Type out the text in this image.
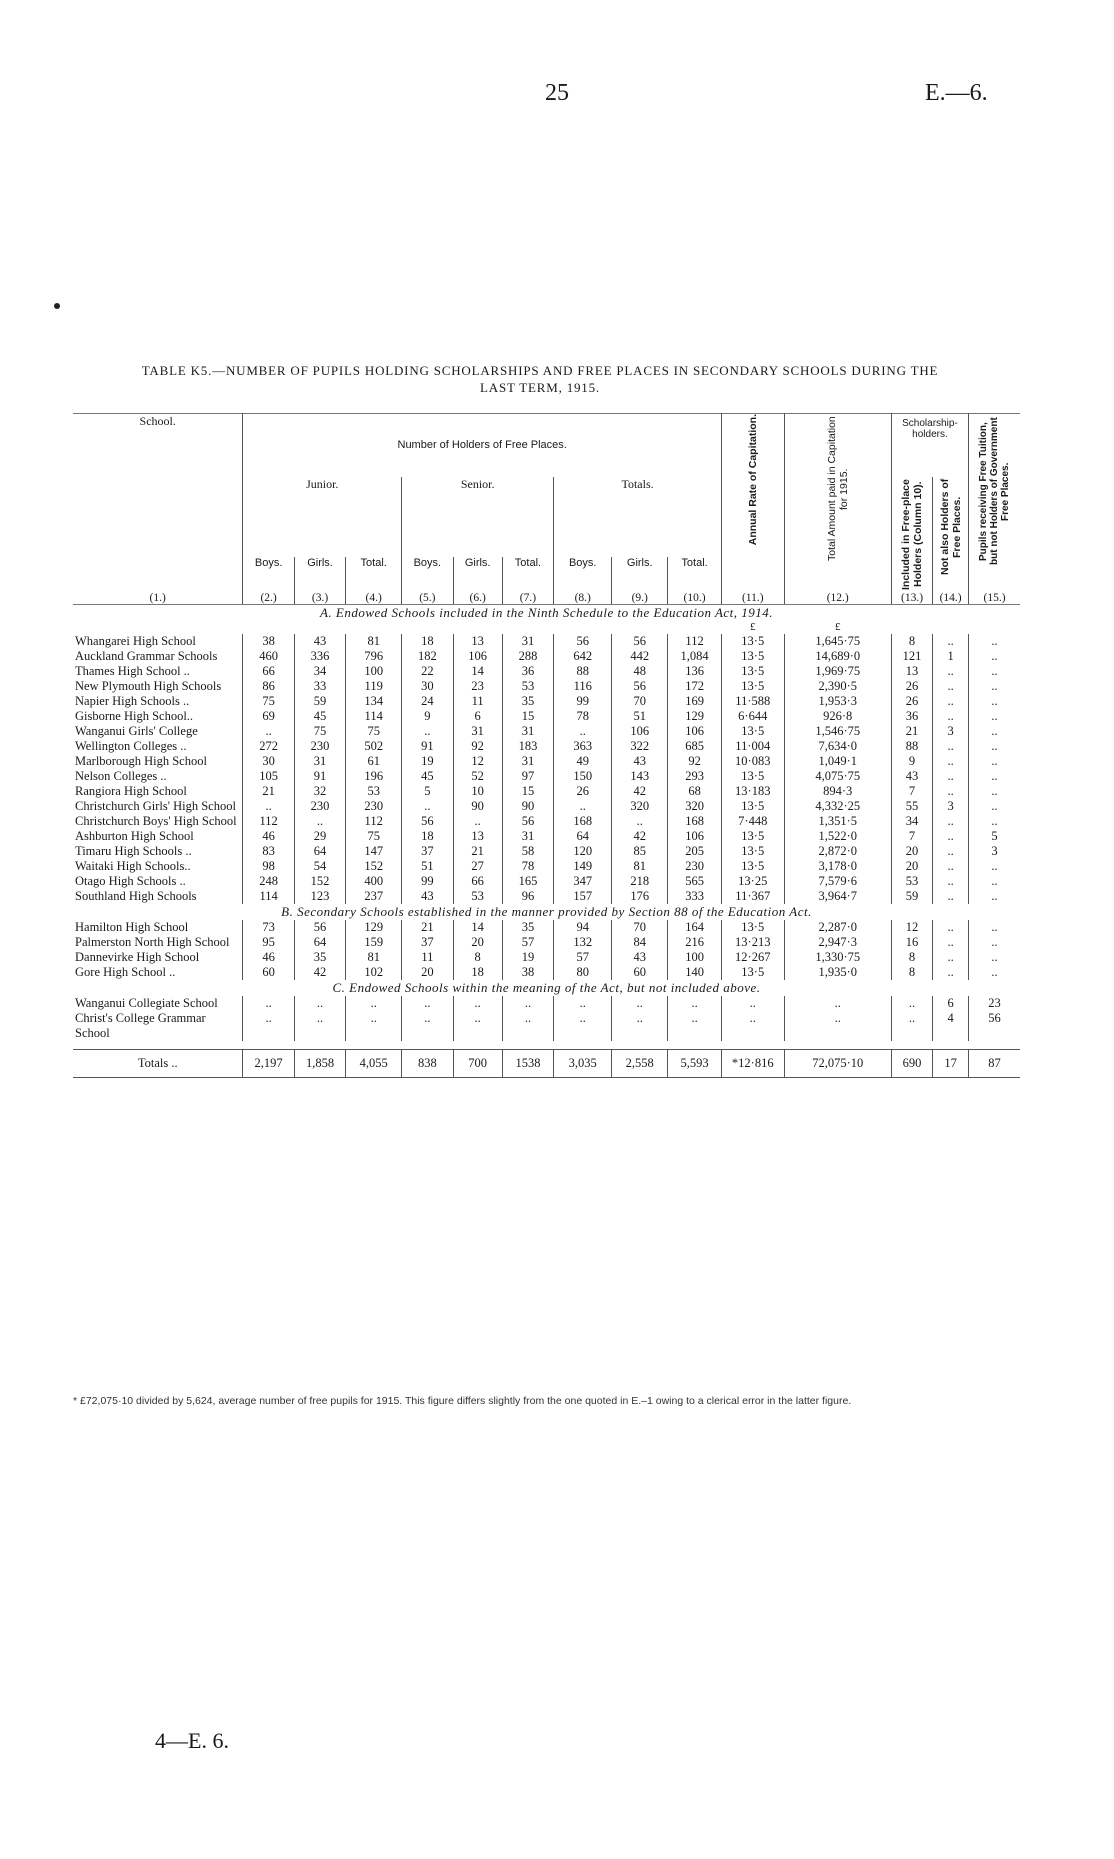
25	E.—6.
TABLE K5.—NUMBER OF PUPILS HOLDING SCHOLARSHIPS AND FREE PLACES IN SECONDARY SCHOOLS DURING THE
LAST TERM, 1915.
School.	Number of Holders of Free Places.									Annual Rate of Capitation.	Total Amount paid in Capitation for 1915.	Scholarship-holders.		Pupils receiving Free Tuition, but not Holders of Government Free Places.

	Junior.			Senior.			Totals.					Included in Free-place Holders (Column 10).	Not also Holders of Free Places.	

	Boys.	Girls.	Total.	Boys.	Girls.	Total.	Boys.	Girls.	Total.					
(1.)	(2.)	(3.)	(4.)	(5.)	(6.)	(7.)	(8.)	(9.)	(10.)	(11.)	(12.)	(13.)	(14.)	(15.)
A. Endowed Schools included in the Ninth Schedule to the Education Act, 1914.														
										£	£			
Whangarei High School	38	43	81	18	13	31	56	56	112	13·5	1,645·75	8	..	..
Auckland Grammar Schools	460	336	796	182	106	288	642	442	1,084	13·5	14,689·0	121	1	..
Thames High School ..	66	34	100	22	14	36	88	48	136	13·5	1,969·75	13	..	..
New Plymouth High Schools	86	33	119	30	23	53	116	56	172	13·5	2,390·5	26	..	..
Napier High Schools ..	75	59	134	24	11	35	99	70	169	11·588	1,953·3	26	..	..
Gisborne High School..	69	45	114	9	6	15	78	51	129	6·644	926·8	36	..	..
Wanganui Girls' College	..	75	75	..	31	31	..	106	106	13·5	1,546·75	21	3	..
Wellington Colleges ..	272	230	502	91	92	183	363	322	685	11·004	7,634·0	88	..	..
Marlborough High School	30	31	61	19	12	31	49	43	92	10·083	1,049·1	9	..	..
Nelson Colleges ..	105	91	196	45	52	97	150	143	293	13·5	4,075·75	43	..	..
Rangiora High School	21	32	53	5	10	15	26	42	68	13·183	894·3	7	..	..
Christchurch Girls' High School	..	230	230	..	90	90	..	320	320	13·5	4,332·25	55	3	..
Christchurch Boys' High School	112	..	112	56	..	56	168	..	168	7·448	1,351·5	34	..	..
Ashburton High School	46	29	75	18	13	31	64	42	106	13·5	1,522·0	7	..	5
Timaru High Schools ..	83	64	147	37	21	58	120	85	205	13·5	2,872·0	20	..	3
Waitaki High Schools..	98	54	152	51	27	78	149	81	230	13·5	3,178·0	20	..	..
Otago High Schools ..	248	152	400	99	66	165	347	218	565	13·25	7,579·6	53	..	..
Southland High Schools	114	123	237	43	53	96	157	176	333	11·367	3,964·7	59	..	..
B. Secondary Schools established in the manner provided by Section 88 of the Education Act.														
Hamilton High School	73	56	129	21	14	35	94	70	164	13·5	2,287·0	12	..	..
Palmerston North High School	95	64	159	37	20	57	132	84	216	13·213	2,947·3	16	..	..
Dannevirke High School	46	35	81	11	8	19	57	43	100	12·267	1,330·75	8	..	..
Gore High School ..	60	42	102	20	18	38	80	60	140	13·5	1,935·0	8	..	..
C. Endowed Schools within the meaning of the Act, but not included above.														
Wanganui Collegiate School	..	..	..	..	..	..	..	..	..	..	..	..	6	23
Christ's College Grammar School	..	..	..	..	..	..	..	..	..	..	..	..	4	56

Totals ..	2,197	1,858	4,055	838	700	1538	3,035	2,558	5,593	*12·816	72,075·10	690	17	87
* £72,075·10 divided by 5,624, average number of free pupils for 1915. This figure differs slightly from the one quoted in E.–1 owing to a clerical error in the latter figure.
4—E. 6.
